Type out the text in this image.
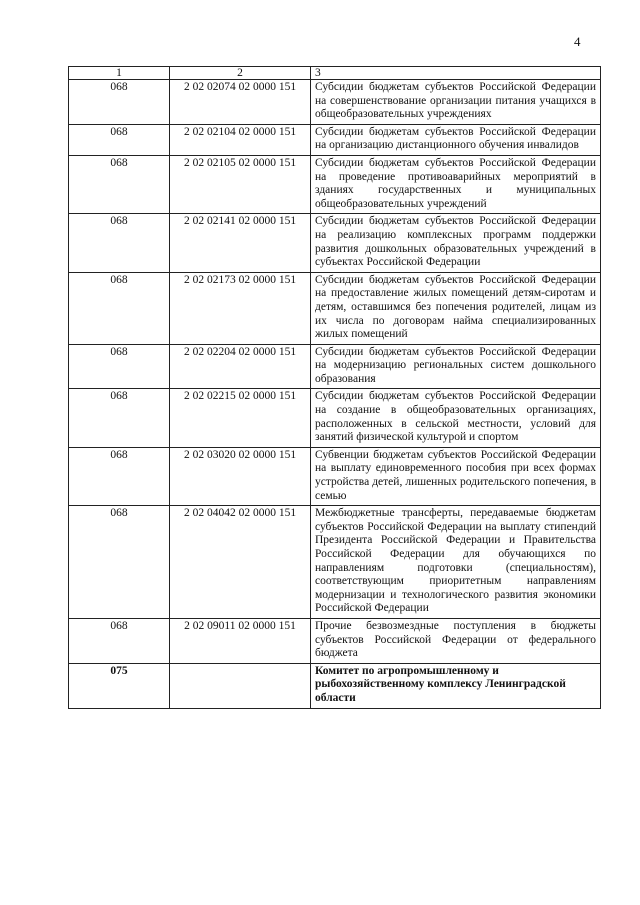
4
1	2	3
068	2 02 02074 02 0000 151	Субсидии бюджетам субъектов Российской Федерации на совершенствование организации питания учащихся в общеобразовательных учреждениях
068	2 02 02104 02 0000 151	Субсидии бюджетам субъектов Российской Федерации на организацию дистанционного обучения инвалидов
068	2 02 02105 02 0000 151	Субсидии бюджетам субъектов Российской Федерации на проведение противоаварийных мероприятий в зданиях государственных и муниципальных общеобразовательных учреждений
068	2 02 02141 02 0000 151	Субсидии бюджетам субъектов Российской Федерации на реализацию комплексных программ поддержки развития дошкольных образовательных учреждений в субъектах Российской Федерации
068	2 02 02173 02 0000 151	Субсидии бюджетам субъектов Российской Федерации на предоставление жилых помещений детям-сиротам и детям, оставшимся без попечения родителей, лицам из их числа по договорам найма специализированных жилых помещений
068	2 02 02204 02 0000 151	Субсидии бюджетам субъектов Российской Федерации на модернизацию региональных систем дошкольного образования
068	2 02 02215 02 0000 151	Субсидии бюджетам субъектов Российской Федерации на создание в общеобразовательных организациях, расположенных в сельской местности, условий для занятий физической культурой и спортом
068	2 02 03020 02 0000 151	Субвенции бюджетам субъектов Российской Федерации на выплату единовременного пособия при всех формах устройства детей, лишенных родительского попечения, в семью
068	2 02 04042 02 0000 151	Межбюджетные трансферты, передаваемые бюджетам субъектов Российской Федерации на выплату стипендий Президента Российской Федерации и Правительства Российской Федерации для обучающихся по направлениям подготовки (специальностям), соответствующим приоритетным направлениям модернизации и технологического развития экономики Российской Федерации
068	2 02 09011 02 0000 151	Прочие безвозмездные поступления в бюджеты субъектов Российской Федерации от федерального бюджета
075		Комитет по агропромышленному и рыбохозяйственному комплексу Ленинградской области
